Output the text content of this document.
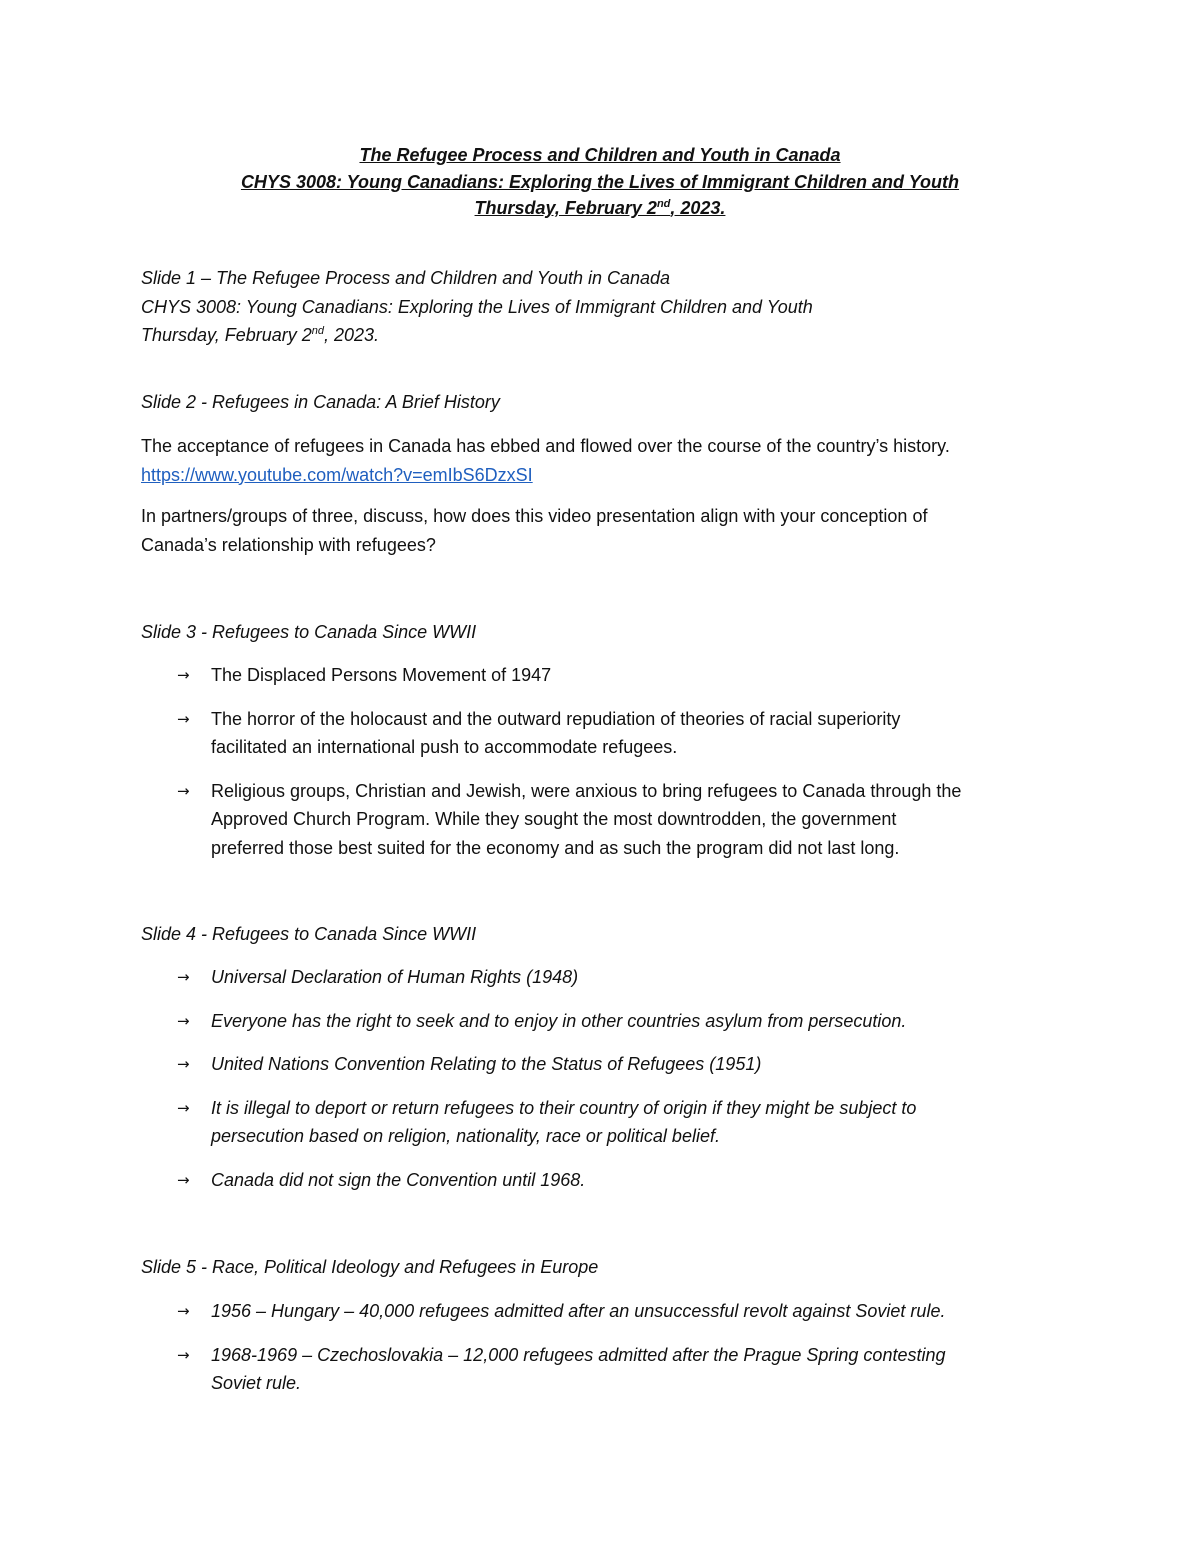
The Refugee Process and Children and Youth in Canada
CHYS 3008: Young Canadians: Exploring the Lives of Immigrant Children and Youth
Thursday, February 2nd, 2023.
Slide 1 – The Refugee Process and Children and Youth in Canada
CHYS 3008: Young Canadians: Exploring the Lives of Immigrant Children and Youth
Thursday, February 2nd, 2023.
Slide 2 - Refugees in Canada: A Brief History

The acceptance of refugees in Canada has ebbed and flowed over the course of the country’s history.

https://www.youtube.com/watch?v=emIbS6DzxSI

In partners/groups of three, discuss, how does this video presentation align with your conception of

Canada’s relationship with refugees?

Slide 3 - Refugees to Canada Since WWII
→ The Displaced Persons Movement of 1947
→ The horror of the holocaust and the outward repudiation of theories of racial superiority
facilitated an international push to accommodate refugees.
→ Religious groups, Christian and Jewish, were anxious to bring refugees to Canada through the
Approved Church Program. While they sought the most downtrodden, the government
preferred those best suited for the economy and as such the program did not last long.
Slide 4 - Refugees to Canada Since WWII
→ Universal Declaration of Human Rights (1948)
→ Everyone has the right to seek and to enjoy in other countries asylum from persecution.
→ United Nations Convention Relating to the Status of Refugees (1951)
→ It is illegal to deport or return refugees to their country of origin if they might be subject to
persecution based on religion, nationality, race or political belief.
→ Canada did not sign the Convention until 1968.
Slide 5 - Race, Political Ideology and Refugees in Europe
→ 1956 – Hungary – 40,000 refugees admitted after an unsuccessful revolt against Soviet rule.
→ 1968-1969 – Czechoslovakia – 12,000 refugees admitted after the Prague Spring contesting
Soviet rule.
